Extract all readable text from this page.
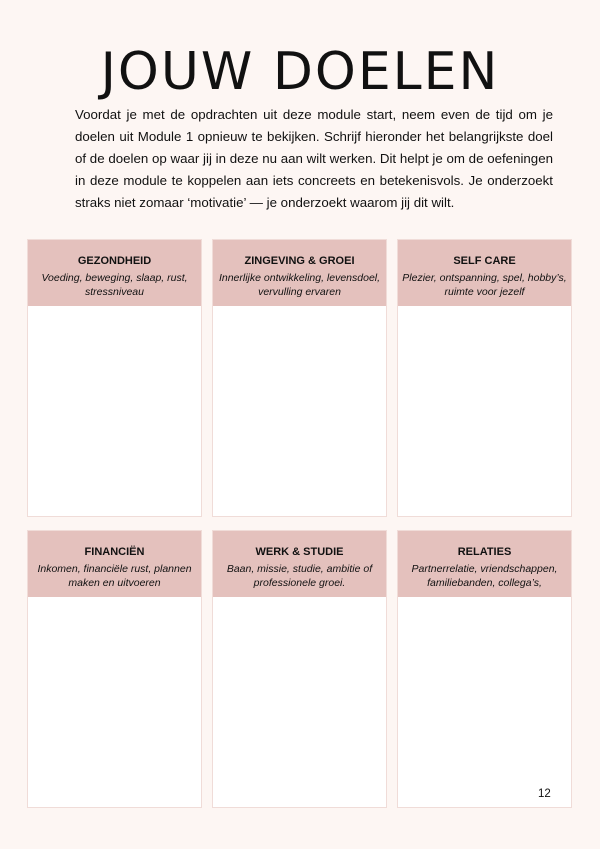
JOUW DOELEN

Voordat je met de opdrachten uit deze module start, neem even de tijd om je doelen uit Module 1 opnieuw te bekijken. Schrijf hieronder het belangrijkste doel of de doelen op waar jij in deze nu aan wilt werken. Dit helpt je om de oefeningen in deze module te koppelen aan iets concreets en betekenisvols. Je onderzoekt straks niet zomaar ‘motivatie’ — je onderzoekt waarom jij dit wilt.

GEZONDHEID
Voeding, beweging, slaap, rust, stressniveau
ZINGEVING & GROEI
Innerlijke ontwikkeling, levensdoel, vervulling ervaren
SELF CARE
Plezier, ontspanning, spel, hobby’s, ruimte voor jezelf
FINANCIËN
Inkomen, financiële rust, plannen maken en uitvoeren
WERK & STUDIE
Baan, missie, studie, ambitie of professionele groei.
RELATIES
Partnerrelatie, vriendschappen, familiebanden, collega’s,
12
